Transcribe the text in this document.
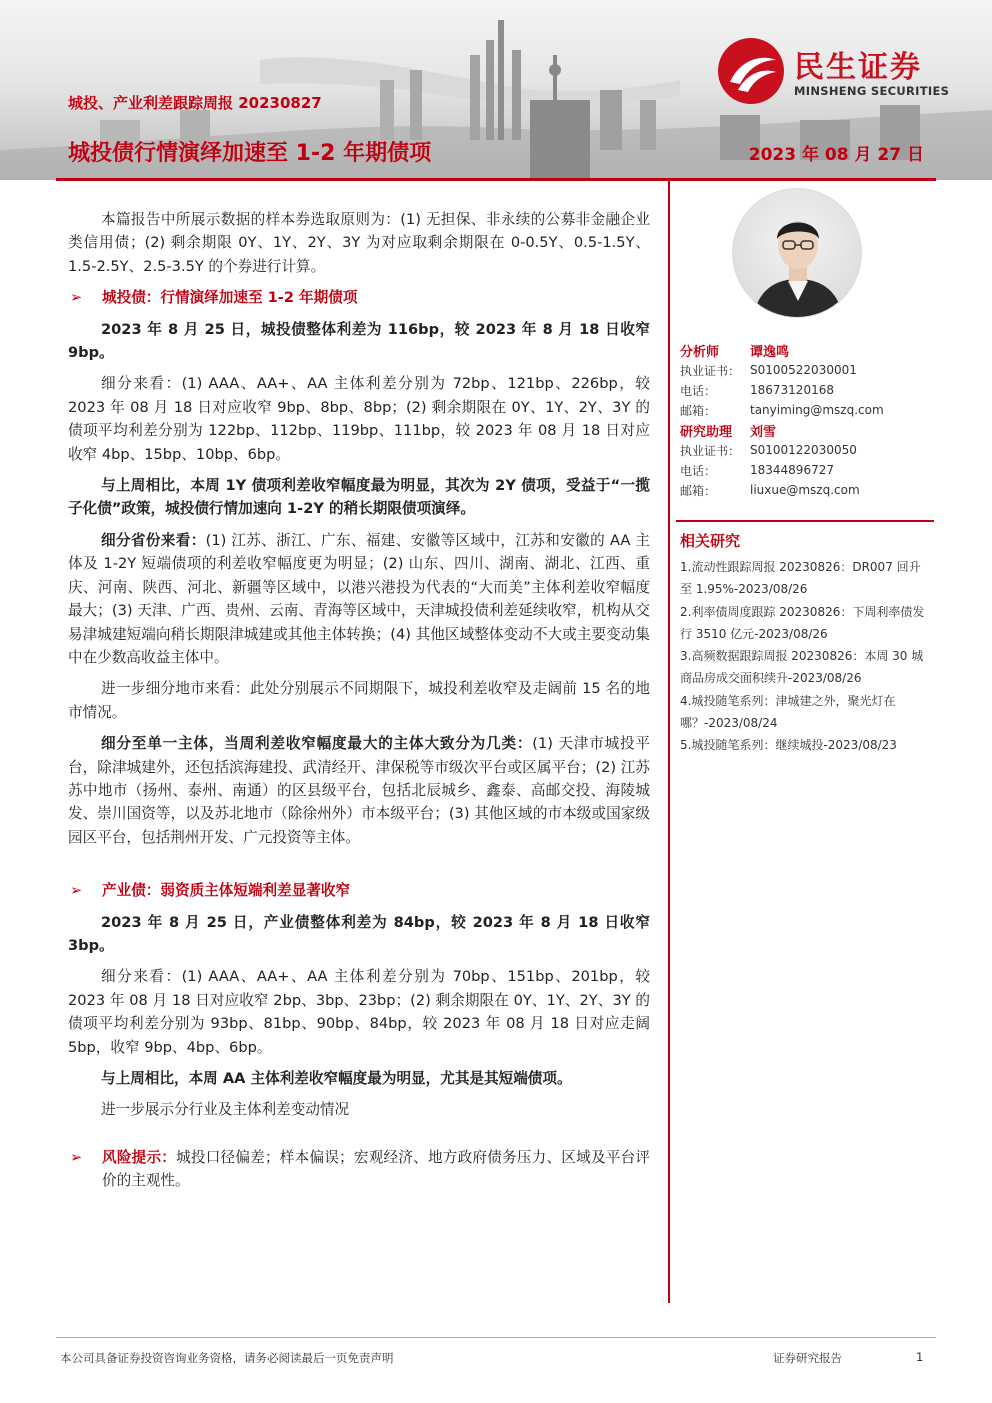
城投、产业利差跟踪周报 20230827
城投债行情演绎加速至 1-2 年期债项	2023 年 08 月 27 日
民生证券
MINSHENG SECURITIES

本篇报告中所展示数据的样本券选取原则为：(1) 无担保、非永续的公募非金融企业类信用债；(2) 剩余期限 0Y、1Y、2Y、3Y 为对应取剩余期限在 0-0.5Y、0.5-1.5Y、1.5-2.5Y、2.5-3.5Y 的个券进行计算。

➢ 城投债：行情演绎加速至 1-2 年期债项

2023 年 8 月 25 日，城投债整体利差为 116bp，较 2023 年 8 月 18 日收窄 9bp。

细分来看：(1) AAA、AA+、AA 主体利差分别为 72bp、121bp、226bp，较 2023 年 08 月 18 日对应收窄 9bp、8bp、8bp；(2) 剩余期限在 0Y、1Y、2Y、3Y 的债项平均利差分别为 122bp、112bp、119bp、111bp，较 2023 年 08 月 18 日对应收窄 4bp、15bp、10bp、6bp。

与上周相比，本周 1Y 债项利差收窄幅度最为明显，其次为 2Y 债项，受益于“一揽子化债”政策，城投债行情加速向 1-2Y 的稍长期限债项演绎。

细分省份来看：(1) 江苏、浙江、广东、福建、安徽等区域中，江苏和安徽的 AA 主体及 1-2Y 短端债项的利差收窄幅度更为明显；(2) 山东、四川、湖南、湖北、江西、重庆、河南、陕西、河北、新疆等区域中，以港兴港投为代表的“大而美”主体利差收窄幅度最大；(3) 天津、广西、贵州、云南、青海等区域中，天津城投债利差延续收窄，机构从交易津城建短端向稍长期限津城建或其他主体转换；(4) 其他区域整体变动不大或主要变动集中在少数高收益主体中。

进一步细分地市来看：此处分别展示不同期限下，城投利差收窄及走阔前 15 名的地市情况。

细分至单一主体，当周利差收窄幅度最大的主体大致分为几类：(1) 天津市城投平台，除津城建外，还包括滨海建投、武清经开、津保税等市级次平台或区属平台；(2) 江苏苏中地市（扬州、泰州、南通）的区县级平台，包括北辰城乡、鑫泰、高邮交投、海陵城发、崇川国资等，以及苏北地市（除徐州外）市本级平台；(3) 其他区域的市本级或国家级园区平台，包括荆州开发、广元投资等主体。

➢ 产业债：弱资质主体短端利差显著收窄

2023 年 8 月 25 日，产业债整体利差为 84bp，较 2023 年 8 月 18 日收窄 3bp。

细分来看：(1) AAA、AA+、AA 主体利差分别为 70bp、151bp、201bp，较 2023 年 08 月 18 日对应收窄 2bp、3bp、23bp；(2) 剩余期限在 0Y、1Y、2Y、3Y 的债项平均利差分别为 93bp、81bp、90bp、84bp，较 2023 年 08 月 18 日对应走阔 5bp，收窄 9bp、4bp、6bp。

与上周相比，本周 AA 主体利差收窄幅度最为明显，尤其是其短端债项。

进一步展示分行业及主体利差变动情况

➢ 风险提示：城投口径偏差；样本偏误；宏观经济、地方政府债务压力、区域及平台评价的主观性。
分析师	谭逸鸣
执业证书： S0100522030001
电话：	18673120168
邮箱：	tanyiming@mszq.com
研究助理	刘雪
执业证书： S0100122030050
电话：	18344896727
邮箱：	liuxue@mszq.com
相关研究
1.流动性跟踪周报 20230826：DR007 回升至 1.95%-2023/08/26
2.利率债周度跟踪 20230826：下周利率债发行 3510 亿元-2023/08/26
3.高频数据跟踪周报 20230826：本周 30 城商品房成交面积续升-2023/08/26
4.城投随笔系列：津城建之外，聚光灯在哪？-2023/08/24
5.城投随笔系列：继续城投-2023/08/23
本公司具备证券投资咨询业务资格，请务必阅读最后一页免责声明	证券研究报告	1
